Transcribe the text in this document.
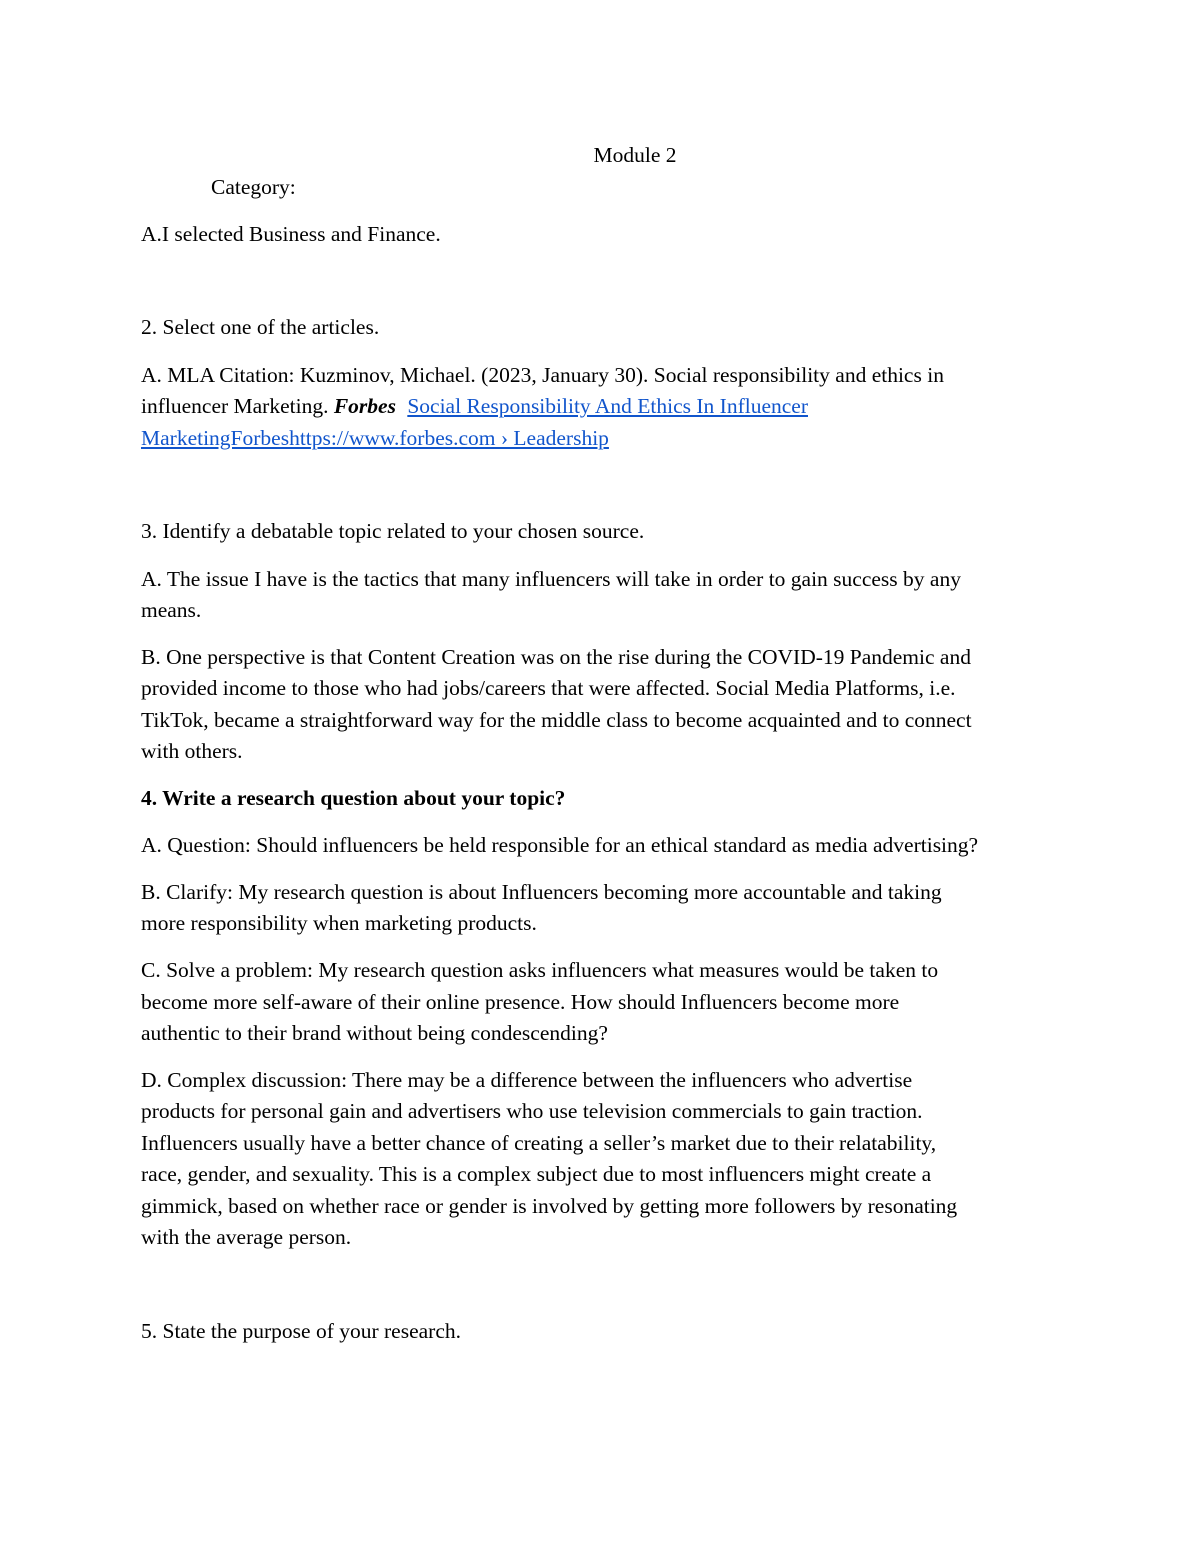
Module 2
Category:
A.I selected Business and Finance.
2. Select one of the articles.
A. MLA Citation: Kuzminov, Michael. (2023, January 30). Social responsibility and ethics in
influencer Marketing. Forbes Social Responsibility And Ethics In Influencer
MarketingForbeshttps://www.forbes.com › Leadership
3. Identify a debatable topic related to your chosen source.
A. The issue I have is the tactics that many influencers will take in order to gain success by any
means.
B. One perspective is that Content Creation was on the rise during the COVID-19 Pandemic and
provided income to those who had jobs/careers that were affected. Social Media Platforms, i.e.
TikTok, became a straightforward way for the middle class to become acquainted and to connect
with others.
4. Write a research question about your topic?
A. Question: Should influencers be held responsible for an ethical standard as media advertising?
B. Clarify: My research question is about Influencers becoming more accountable and taking
more responsibility when marketing products.
C. Solve a problem: My research question asks influencers what measures would be taken to
become more self-aware of their online presence. How should Influencers become more
authentic to their brand without being condescending?
D. Complex discussion: There may be a difference between the influencers who advertise
products for personal gain and advertisers who use television commercials to gain traction.
Influencers usually have a better chance of creating a seller’s market due to their relatability,
race, gender, and sexuality. This is a complex subject due to most influencers might create a
gimmick, based on whether race or gender is involved by getting more followers by resonating
with the average person.
5. State the purpose of your research.
